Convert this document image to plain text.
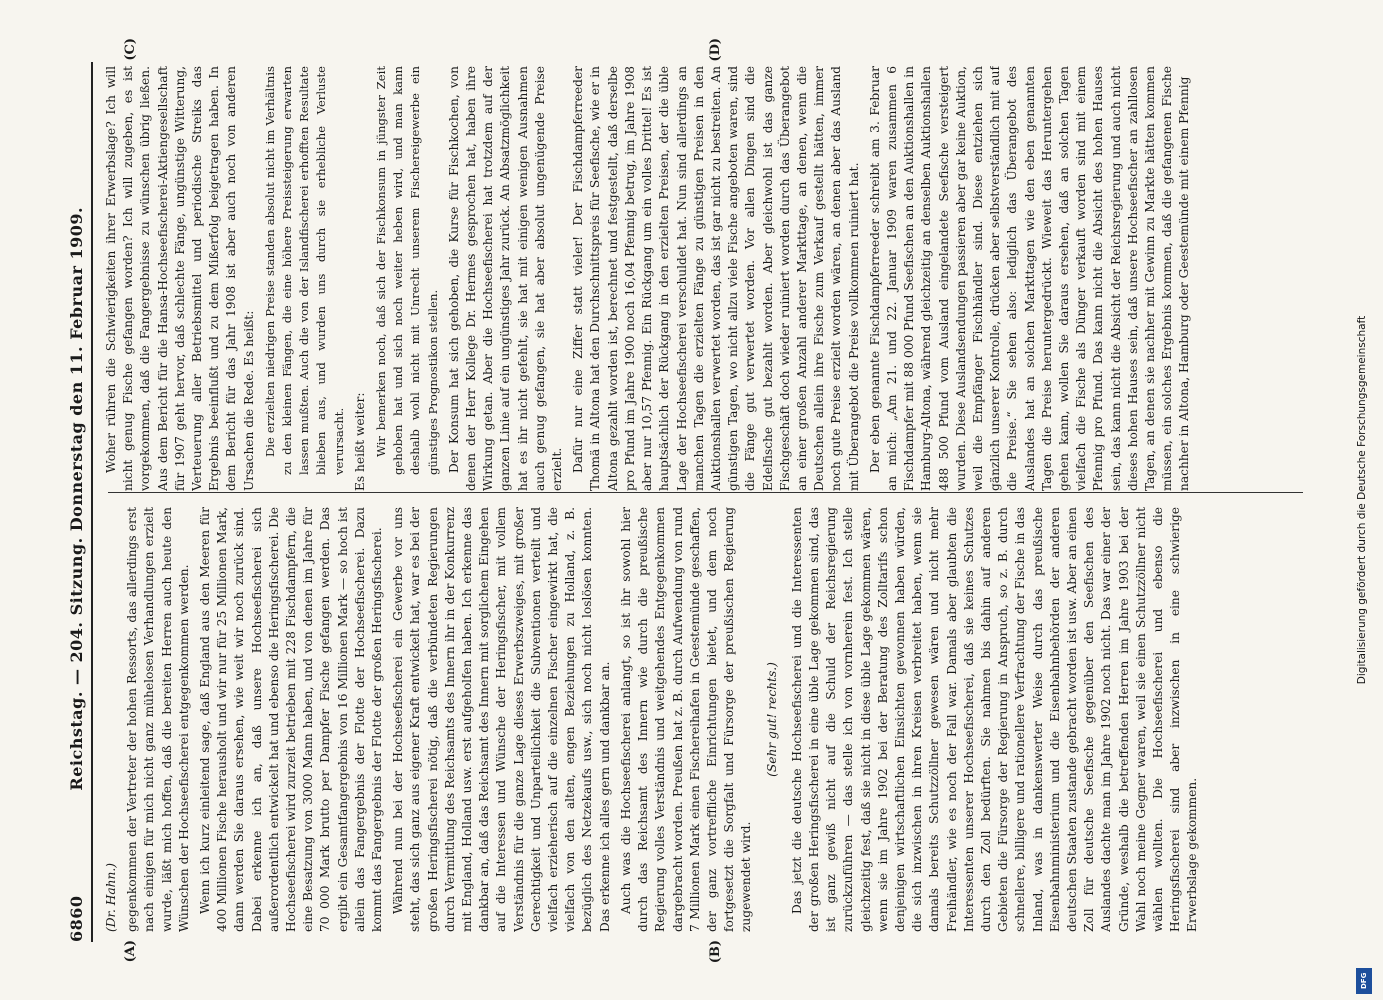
6860
Reichstag. — 204. Sitzung. Donnerstag den 11. Februar 1909.
(A)	(B)
(C)	(D)

(Dr. Hahn.) gegenkommen der Vertreter der hohen Ressorts, das allerdings erst nach einigen für mich nicht ganz mühelosen Verhandlungen erzielt wurde, läßt mich hoffen, daß die bereiten Herren auch heute den Wünschen der Hochseefischerei entgegenkommen werden. Wenn ich kurz einleitend sage, daß England aus den Meeren für 400 Millionen Fische herausholt und wir nur für 25 Millionen Mark, dann werden Sie daraus ersehen, wie weit wir noch zurück sind. Dabei erkenne ich an, daß unsere Hochseefischerei sich außerordentlich entwickelt hat und ebenso die Heringsfischerei. Die Hochseefischerei wird zurzeit betrieben mit 228 Fischdampfern, die eine Besatzung von 3000 Mann haben, und von denen im Jahre für 70 000 Mark brutto per Dampfer Fische gefangen werden. Das ergibt ein Gesamtfangergebnis von 16 Millionen Mark — so hoch ist allein das Fangergebnis der Flotte der Hochseefischerei. Dazu kommt das Fangergebnis der Flotte der großen Heringsfischerei. Während nun bei der Hochseefischerei ein Gewerbe vor uns steht, das sich ganz aus eigener Kraft entwickelt hat, war es bei der großen Heringsfischerei nötig, daß die verbündeten Regierungen durch Vermittlung des Reichsamts des Innern ihr in der Konkurrenz mit England, Holland usw. erst aufgeholfen haben. Ich erkenne das dankbar an, daß das Reichsamt des Innern mit sorglichem Eingehen auf die Interessen und Wünsche der Heringsfischer, mit vollem Verständnis für die ganze Lage dieses Erwerbszweiges, mit großer Gerechtigkeit und Unparteilichkeit die Subventionen verteilt und vielfach erzieherisch auf die einzelnen Fischer eingewirkt hat, die vielfach von den alten, engen Beziehungen zu Holland, z. B. bezüglich des Netzekaufs usw., sich noch nicht loslösen konnten. Das erkenne ich alles gern und dankbar an. Auch was die Hochseefischerei anlangt, so ist ihr sowohl hier durch das Reichsamt des Innern wie durch die preußische Regierung volles Verständnis und weitgehendes Entgegenkommen dargebracht worden. Preußen hat z. B. durch Aufwendung von rund 7 Millionen Mark einen Fischereihafen in Geestemünde geschaffen, der ganz vortreffliche Einrichtungen bietet, und dem noch fortgesetzt die Sorgfalt und Fürsorge der preußischen Regierung zugewendet wird.

(Sehr gut! rechts.) Das jetzt die deutsche Hochseefischerei und die Interessenten der großen Heringsfischerei in eine üble Lage gekommen sind, das ist ganz gewiß nicht auf die Schuld der Reichsregierung zurückzuführen — das stelle ich von vornherein fest. Ich stelle gleichzeitig fest, daß sie nicht in diese üble Lage gekommen wären, wenn sie im Jahre 1902 bei der Beratung des Zolltarifs schon denjenigen wirtschaftlichen Einsichten gewonnen haben würden, die sich inzwischen in ihren Kreisen verbreitet haben, wenn sie damals bereits Schutzzöllner gewesen wären und nicht mehr Freihändler, wie es noch der Fall war. Damals aber glaubten die Interessenten unserer Hochseefischerei, daß sie keines Schutzes durch den Zoll bedürften. Sie nahmen bis dahin auf anderen Gebieten die Fürsorge der Regierung in Anspruch, so z. B. durch schnellere, billigere und rationellere Verfrachtung der Fische in das Inland, was in dankenswerter Weise durch das preußische Eisenbahnministerium und die Eisenbahnbehörden der anderen deutschen Staaten zustande gebracht worden ist usw. Aber an einen Zoll für deutsche Seefische gegenüber den Seefischen des Auslandes dachte man im Jahre 1902 noch nicht. Das war einer der Gründe, weshalb die betreffenden Herren im Jahre 1903 bei der Wahl noch meine Gegner waren, weil sie einen Schutzzöllner nicht wählen wollten. Die Hochseefischerei und ebenso die Heringsfischerei sind aber inzwischen in eine schwierige Erwerbslage gekommen.

Woher rühren die Schwierigkeiten ihrer Erwerbslage? Ich will nicht genug Fische gefangen worden? Ich will zugeben, es ist vorgekommen, daß die Fangergebnisse zu wünschen übrig ließen. Aus dem Bericht für die Hansa-Hochseefischerei-Aktiengesellschaft für 1907 geht hervor, daß schlechte Fänge, ungünstige Witterung, Verteuerung aller Betriebsmittel und periodische Streiks das Ergebnis beeinflußt und zu dem Mißerfolg beigetragen haben. In dem Bericht für das Jahr 1908 ist aber auch noch von anderen Ursachen die Rede. Es heißt: Die erzielten niedrigen Preise standen absolut nicht im Verhältnis zu den kleinen Fängen, die eine höhere Preissteigerung erwarten lassen mußten. Auch die von der Islandfischerei erhofften Resultate blieben aus, und wurden uns durch sie erhebliche Verluste verursacht. Es heißt weiter: Wir bemerken noch, daß sich der Fischkonsum in jüngster Zeit gehoben hat und sich noch weiter heben wird, und man kann deshalb wohl nicht mit Unrecht unserem Fischereigewerbe ein günstiges Prognostikon stellen. Der Konsum hat sich gehoben, die Kurse für Fischkochen, von denen der Herr Kollege Dr. Hermes gesprochen hat, haben ihre Wirkung getan. Aber die Hochseefischerei hat trotzdem auf der ganzen Linie auf ein ungünstiges Jahr zurück. An Absatzmöglichkeit hat es ihr nicht gefehlt, sie hat mit einigen wenigen Ausnahmen auch genug gefangen, sie hat aber absolut ungenügende Preise erzielt. Dafür nur eine Ziffer statt vieler! Der Fischdampferreeder Thomä in Altona hat den Durchschnittspreis für Seefische, wie er in Altona gezahlt worden ist, berechnet und festgestellt, daß derselbe pro Pfund im Jahre 1900 noch 16,04 Pfennig betrug, im Jahre 1908 aber nur 10,57 Pfennig. Ein Rückgang um ein volles Drittel! Es ist hauptsächlich der Rückgang in den erzielten Preisen, der die üble Lage der Hochseefischerei verschuldet hat. Nun sind allerdings an manchen Tagen die erzielten Fänge zu günstigen Preisen in den Auktionshallen verwertet worden, das ist gar nicht zu bestreiten. An günstigen Tagen, wo nicht allzu viele Fische angeboten waren, sind die Fänge gut verwertet worden. Vor allen Dingen sind die Edelfische gut bezahlt worden. Aber gleichwohl ist das ganze Fischgeschäft doch wieder ruiniert worden durch das Überangebot an einer großen Anzahl anderer Markttage, an denen, wenn die Deutschen allein ihre Fische zum Verkauf gestellt hätten, immer noch gute Preise erzielt worden wären, an denen aber das Ausland mit Überangebot die Preise vollkommen ruiniert hat. Der eben genannte Fischdampferreeder schreibt am 3. Februar an mich: „Am 21. und 22. Januar 1909 waren zusammen 6 Fischdampfer mit 88 000 Pfund Seefischen an den Auktionshallen in Hamburg-Altona, während gleichzeitig an denselben Auktionshallen 488 500 Pfund vom Ausland eingelandete Seefische versteigert wurden. Diese Auslandsendungen passieren aber gar keine Auktion, weil die Empfänger Fischhändler sind. Diese entziehen sich gänzlich unserer Kontrolle, drücken aber selbstverständlich mit auf die Preise.“ Sie sehen also: lediglich das Überangebot des Auslandes hat an solchen Markttagen wie den eben genannten Tagen die Preise heruntergedrückt. Wieweit das Heruntergehen gehen kann, wollen Sie daraus ersehen, daß an solchen Tagen vielfach die Fische als Dünger verkauft worden sind mit einem Pfennig pro Pfund. Das kann nicht die Absicht des hohen Hauses sein, das kann nicht die Absicht der Reichsregierung und auch nicht dieses hohen Hauses sein, daß unsere Hochseefischer an zahllosen Tagen, an denen sie nachher mit Gewinn zu Markte hätten kommen müssen, ein solches Ergebnis kommen, daß die gefangenen Fische nachher in Altona, Hamburg oder Geestemünde mit einem Pfennig

Digitalisierung gefördert durch die Deutsche Forschungsgemeinschaft
DFG
